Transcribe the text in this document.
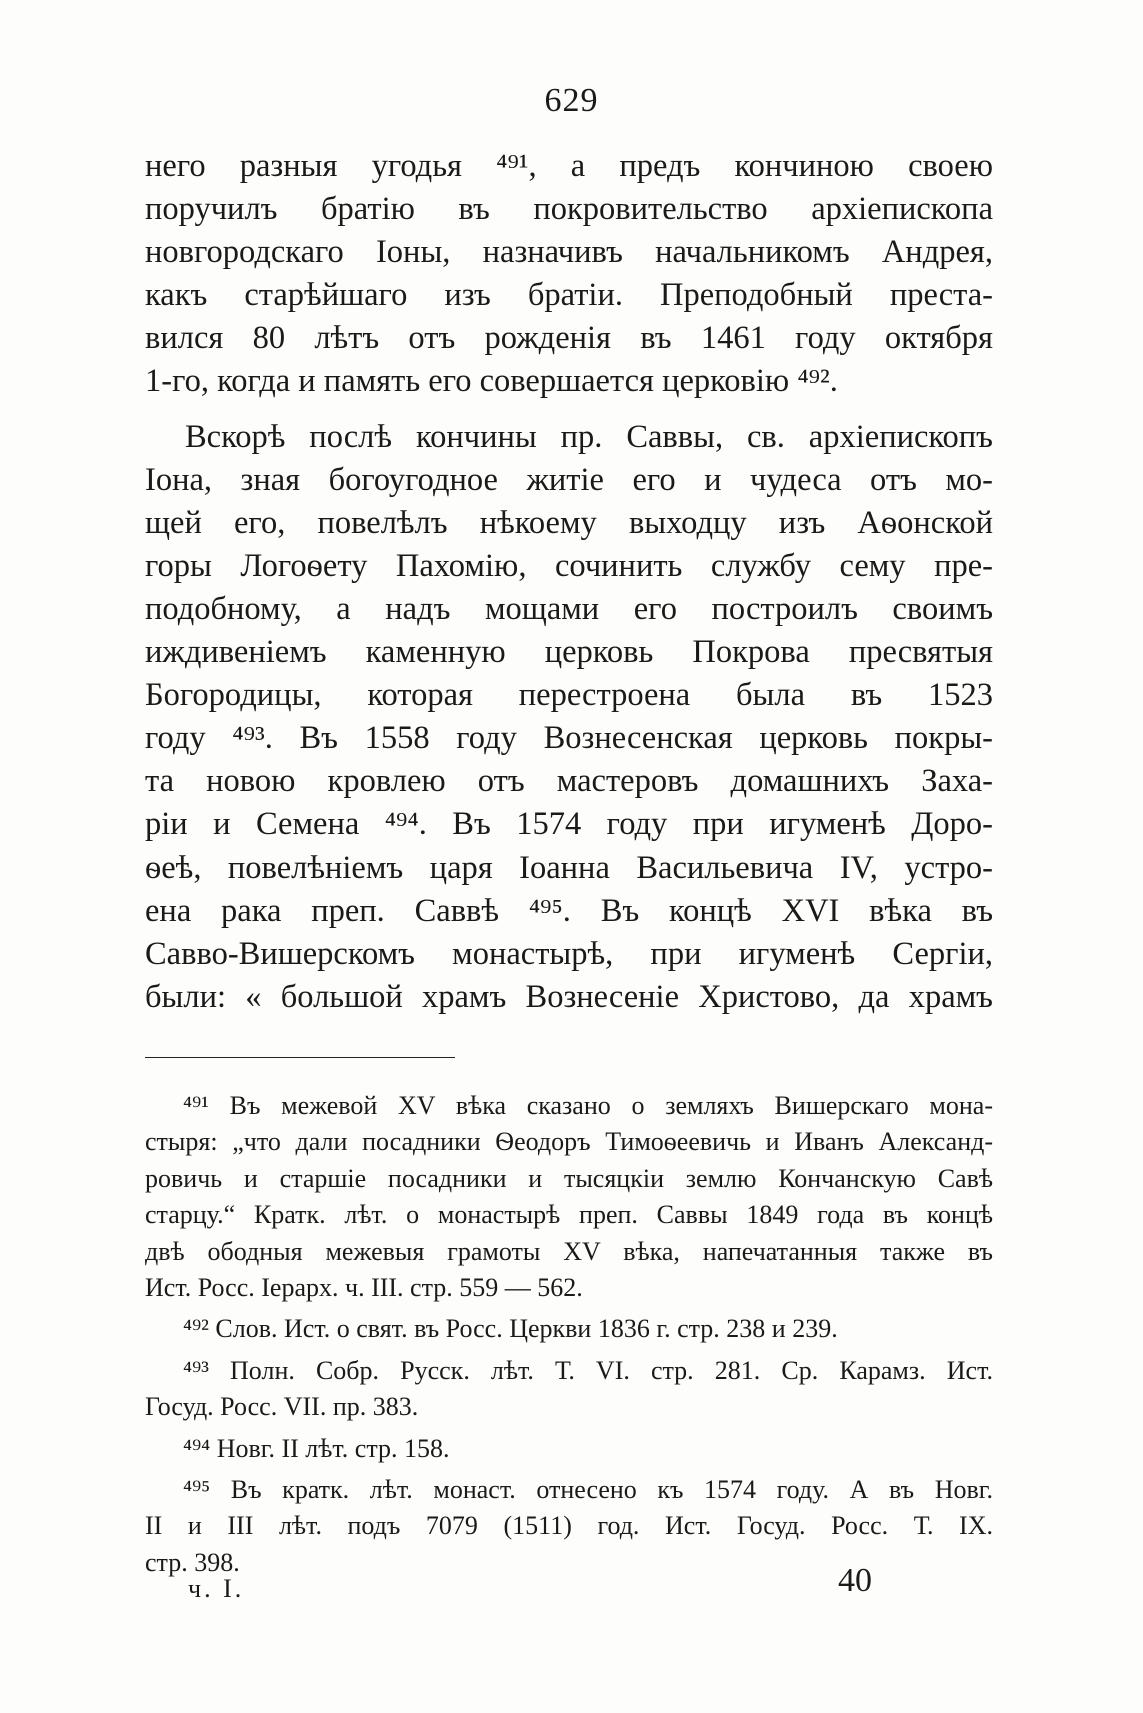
629
него разныя угодья ⁴⁹¹, а предъ кончиною своею
поручилъ братію въ покровительство архіепископа
новгородскаго Іоны, назначивъ начальникомъ Андрея,
какъ старѣйшаго изъ братіи. Преподобный преста-
вился 80 лѣтъ отъ рожденія въ 1461 году октября
1-го, когда и память его совершается церковію ⁴⁹².
Вскорѣ послѣ кончины пр. Саввы, св. архіепископъ
Іона, зная богоугодное житіе его и чудеса отъ мо-
щей его, повелѣлъ нѣкоему выходцу изъ Аѳонской
горы Логоѳету Пахомію, сочинить службу сему пре-
подобному, а надъ мощами его построилъ своимъ
иждивеніемъ каменную церковь Покрова пресвятыя
Богородицы, которая перестроена была въ 1523
году ⁴⁹³. Въ 1558 году Вознесенская церковь покры-
та новою кровлею отъ мастеровъ домашнихъ Заха-
ріи и Семена ⁴⁹⁴. Въ 1574 году при игуменѣ Доро-
ѳеѣ, повелѣніемъ царя Іоанна Васильевича IV, устро-
ена рака преп. Саввѣ ⁴⁹⁵. Въ концѣ XVI вѣка въ
Савво-Вишерскомъ монастырѣ, при игуменѣ Сергіи,
были: « большой храмъ Вознесеніе Христово, да храмъ
⁴⁹¹ Въ межевой XV вѣка сказано о земляхъ Вишерскаго мона-
стыря: „что дали посадники Ѳеодоръ Тимоѳеевичь и Иванъ Александ-
ровичь и старшіе посадники и тысяцкіи землю Кончанскую Савѣ
старцу.“ Кратк. лѣт. о монастырѣ преп. Саввы 1849 года въ концѣ
двѣ ободныя межевыя грамоты XV вѣка, напечатанныя также въ
Ист. Росс. Іерарх. ч. III. стр. 559 — 562.
⁴⁹² Слов. Ист. о свят. въ Росс. Церкви 1836 г. стр. 238 и 239.
⁴⁹³ Полн. Собр. Русск. лѣт. Т. VI. стр. 281. Ср. Карамз. Ист.
Госуд. Росс. VII. пр. 383.
⁴⁹⁴ Новг. II лѣт. стр. 158.
⁴⁹⁵ Въ кратк. лѣт. монаст. отнесено къ 1574 году. А въ Новг.
II и III лѣт. подъ 7079 (1511) год. Ист. Госуд. Росс. Т. IX.
стр. 398.
ч. I.	40
